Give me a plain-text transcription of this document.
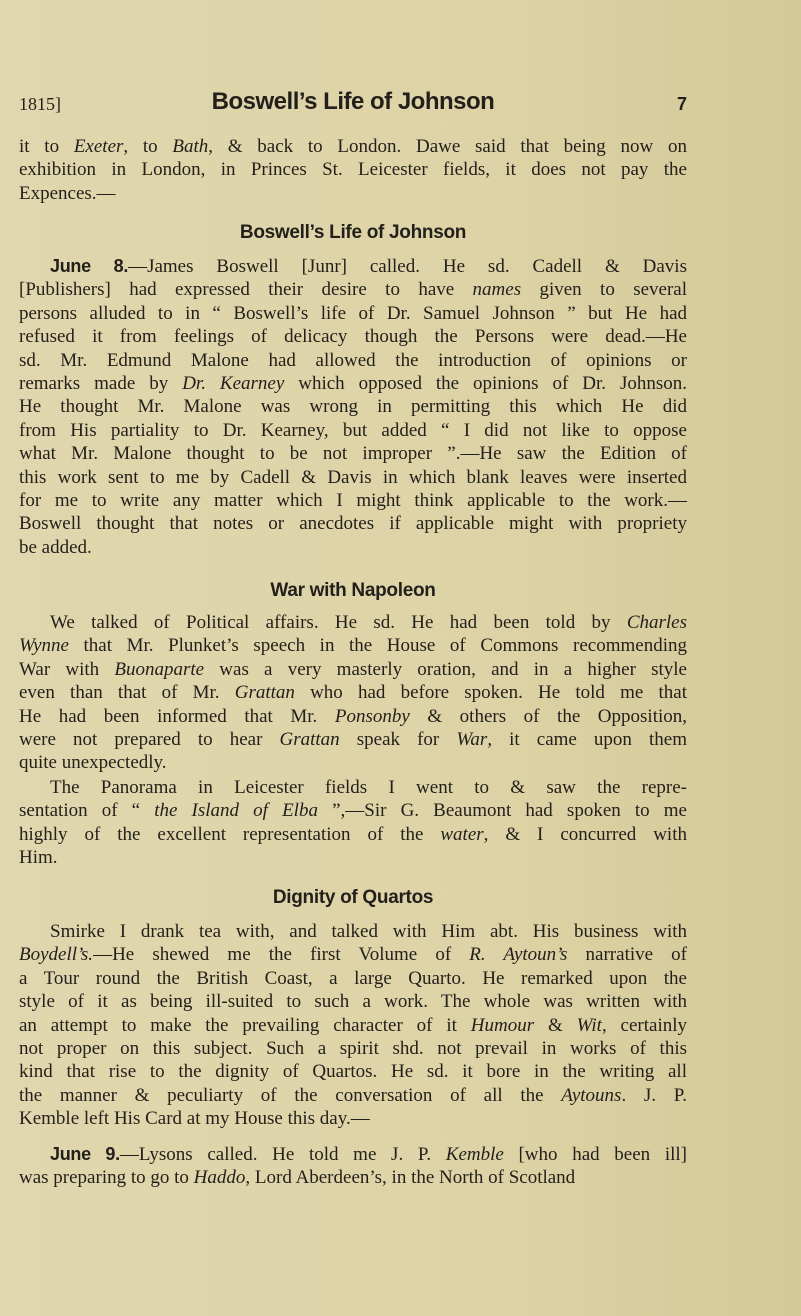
1815]	Boswell’s Life of Johnson	7
it to Exeter, to Bath, & back to London. Dawe said that being now on
exhibition in London, in Princes St. Leicester fields, it does not pay the
Expences.—
Boswell’s Life of Johnson
June 8.—James Boswell [Junr] called. He sd. Cadell & Davis
[Publishers] had expressed their desire to have names given to several
persons alluded to in “ Boswell’s life of Dr. Samuel Johnson ” but He had
refused it from feelings of delicacy though the Persons were dead.—He
sd. Mr. Edmund Malone had allowed the introduction of opinions or
remarks made by Dr. Kearney which opposed the opinions of Dr. Johnson.
He thought Mr. Malone was wrong in permitting this which He did
from His partiality to Dr. Kearney, but added “ I did not like to oppose
what Mr. Malone thought to be not improper ”.—He saw the Edition of
this work sent to me by Cadell & Davis in which blank leaves were inserted
for me to write any matter which I might think applicable to the work.—
Boswell thought that notes or anecdotes if applicable might with propriety
be added.
War with Napoleon
We talked of Political affairs. He sd. He had been told by Charles
Wynne that Mr. Plunket’s speech in the House of Commons recommending
War with Buonaparte was a very masterly oration, and in a higher style
even than that of Mr. Grattan who had before spoken. He told me that
He had been informed that Mr. Ponsonby & others of the Opposition,
were not prepared to hear Grattan speak for War, it came upon them
quite unexpectedly.
The Panorama in Leicester fields I went to & saw the repre-
sentation of “ the Island of Elba ”,—Sir G. Beaumont had spoken to me
highly of the excellent representation of the water, & I concurred with
Him.
Dignity of Quartos
Smirke I drank tea with, and talked with Him abt. His business with
Boydell’s.—He shewed me the first Volume of R. Aytoun’s narrative of
a Tour round the British Coast, a large Quarto. He remarked upon the
style of it as being ill-suited to such a work. The whole was written with
an attempt to make the prevailing character of it Humour & Wit, certainly
not proper on this subject. Such a spirit shd. not prevail in works of this
kind that rise to the dignity of Quartos. He sd. it bore in the writing all
the manner & peculiarty of the conversation of all the Aytouns. J. P.
Kemble left His Card at my House this day.—
June 9.—Lysons called. He told me J. P. Kemble [who had been ill]
was preparing to go to Haddo, Lord Aberdeen’s, in the North of Scotland
